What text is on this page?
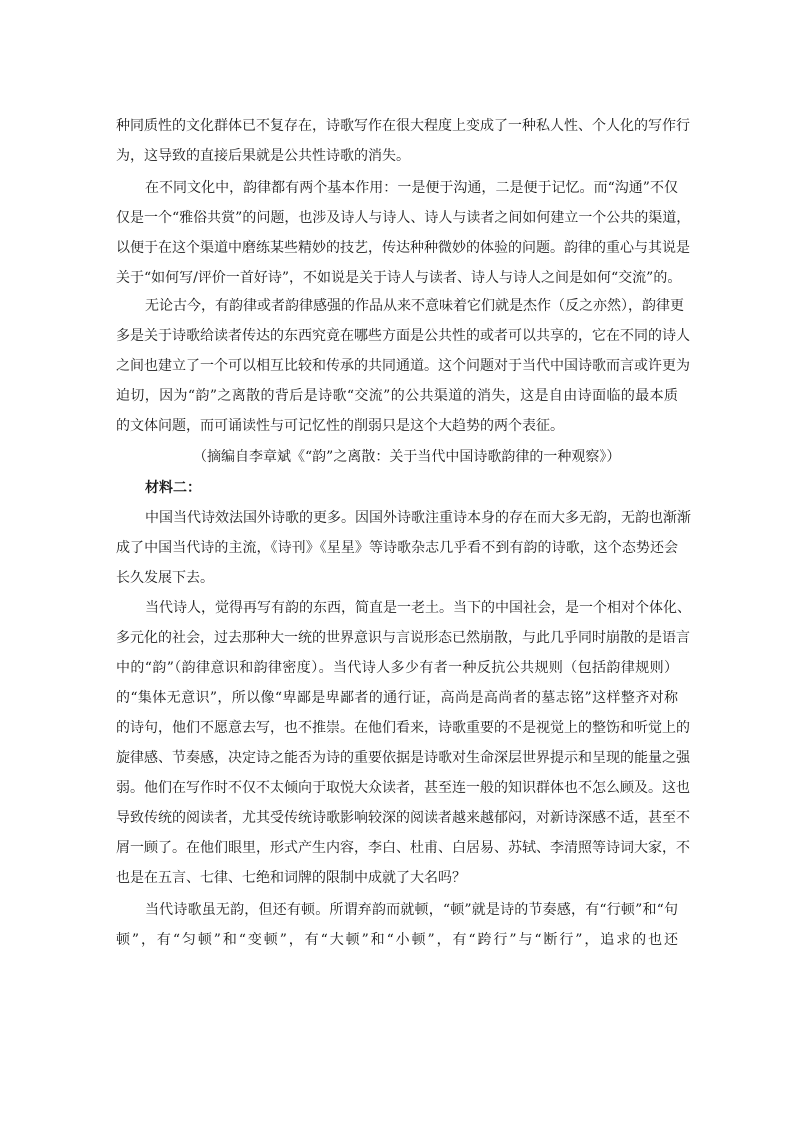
种同质性的文化群体已不复存在，诗歌写作在很大程度上变成了一种私人性、个人化的写作行

为，这导致的直接后果就是公共性诗歌的消失。

在不同文化中，韵律都有两个基本作用：一是便于沟通，二是便于记忆。而“沟通”不仅

仅是一个“雅俗共赏”的问题，也涉及诗人与诗人、诗人与读者之间如何建立一个公共的渠道，

以便于在这个渠道中磨练某些精妙的技艺，传达种种微妙的体验的问题。韵律的重心与其说是

关于“如何写/评价一首好诗”，不如说是关于诗人与读者、诗人与诗人之间是如何“交流”的。

无论古今，有韵律或者韵律感强的作品从来不意味着它们就是杰作（反之亦然），韵律更

多是关于诗歌给读者传达的东西究竟在哪些方面是公共性的或者可以共享的，它在不同的诗人

之间也建立了一个可以相互比较和传承的共同通道。这个问题对于当代中国诗歌而言或许更为

迫切，因为“韵”之离散的背后是诗歌“交流”的公共渠道的消失，这是自由诗面临的最本质

的文体问题，而可诵读性与可记忆性的削弱只是这个大趋势的两个表征。

（摘编自李章斌《“韵”之离散：关于当代中国诗歌韵律的一种观察》）

材料二：

中国当代诗效法国外诗歌的更多。因国外诗歌注重诗本身的存在而大多无韵，无韵也渐渐

成了中国当代诗的主流，《诗刊》《星星》等诗歌杂志几乎看不到有韵的诗歌，这个态势还会

长久发展下去。

当代诗人，觉得再写有韵的东西，简直是一老土。当下的中国社会，是一个相对个体化、

多元化的社会，过去那种大一统的世界意识与言说形态已然崩散，与此几乎同时崩散的是语言

中的“韵”（韵律意识和韵律密度）。当代诗人多少有者一种反抗公共规则（包括韵律规则）

的“集体无意识”，所以像“卑鄙是卑鄙者的通行证，高尚是高尚者的墓志铭”这样整齐对称

的诗句，他们不愿意去写，也不推崇。在他们看来，诗歌重要的不是视觉上的整饬和听觉上的

旋律感、节奏感，决定诗之能否为诗的重要依据是诗歌对生命深层世界提示和呈现的能量之强

弱。他们在写作时不仅不太倾向于取悦大众读者，甚至连一般的知识群体也不怎么顾及。这也

导致传统的阅读者，尤其受传统诗歌影响较深的阅读者越来越郁闷，对新诗深感不适，甚至不

屑一顾了。在他们眼里，形式产生内容，李白、杜甫、白居易、苏轼、李清照等诗词大家，不

也是在五言、七律、七绝和词牌的限制中成就了大名吗？

当代诗歌虽无韵，但还有顿。所谓弃韵而就顿，“顿”就是诗的节奏感，有“行顿”和“句

顿”，有“匀顿”和“变顿”，有“大顿”和“小顿”，有“跨行”与“断行”，追求的也还
